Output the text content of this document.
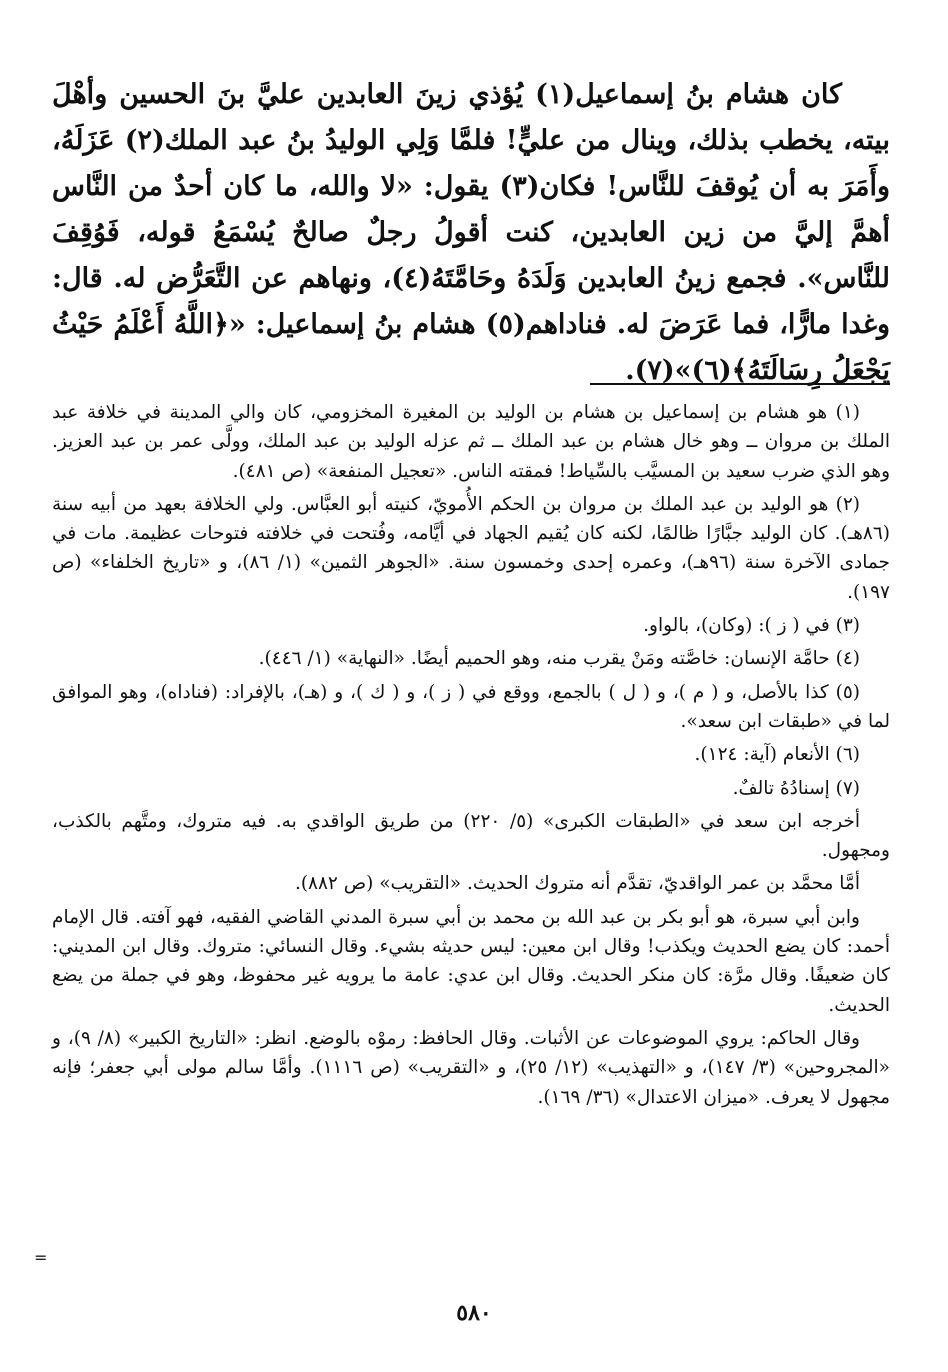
كان هشام بنُ إسماعيل(١) يُؤذي زينَ العابدين عليَّ بنَ الحسين وأهْلَ بيته، يخطب بذلك، وينال من عليٍّ! فلمَّا وَلِي الوليدُ بنُ عبد الملك(٢) عَزَلَهُ، وأَمَرَ به أن يُوقفَ للنَّاس! فكان(٣) يقول: «لا والله، ما كان أحدٌ من النَّاس أهمَّ إليَّ من زين العابدين، كنت أقولُ رجلٌ صالحٌ يُسْمَعُ قوله، فَوُقِفَ للنَّاس». فجمع زينُ العابدين وَلَدَهُ وحَامَّتَهُ(٤)، ونهاهم عن التَّعَرُّض له. قال: وغدا مارًّا، فما عَرَضَ له. فناداهم(٥) هشام بنُ إسماعيل: «﴿اللَّهُ أَعْلَمُ حَيْثُ يَجْعَلُ رِسَالَتَهُ﴾(٦)»(٧).

(١) هو هشام بن إسماعيل بن هشام بن الوليد بن المغيرة المخزومي، كان والي المدينة في خلافة عبد الملك بن مروان ــ وهو خال هشام بن عبد الملك ــ ثم عزله الوليد بن عبد الملك، وولَّى عمر بن عبد العزيز. وهو الذي ضرب سعيد بن المسيَّب بالسِّياط! فمقته الناس. «تعجيل المنفعة» (ص ٤٨١).

(٢) هو الوليد بن عبد الملك بن مروان بن الحكم الأُمويّ، كنيته أبو العبَّاس. ولي الخلافة بعهد من أبيه سنة (٨٦هـ). كان الوليد جبَّارًا ظالمًا، لكنه كان يُقيم الجهاد في أيَّامه، وفُتحت في خلافته فتوحات عظيمة. مات في جمادى الآخرة سنة (٩٦هـ)، وعمره إحدى وخمسون سنة. «الجوهر الثمين» (١/ ٨٦)، و «تاريخ الخلفاء» (ص ١٩٧).

(٣) في ( ز ): (وكان)، بالواو.

(٤) حامَّة الإنسان: خاصَّته ومَنْ يقرب منه، وهو الحميم أيضًا. «النهاية» (١/ ٤٤٦).

(٥) كذا بالأصل، و ( م )، و ( ل ) بالجمع، ووقع في ( ز )، و ( ك )، و (هـ)، بالإفراد: (فناداه)، وهو الموافق لما في «طبقات ابن سعد».

(٦) الأنعام (آية: ١٢٤).

(٧) إسنادُهُ تالفٌ.

أخرجه ابن سعد في «الطبقات الكبرى» (٥/ ٢٢٠) من طريق الواقدي به. فيه متروك، ومتَّهم بالكذب، ومجهول.

أمَّا محمَّد بن عمر الواقديّ، تقدَّم أنه متروك الحديث. «التقريب» (ص ٨٨٢).

وابن أبي سبرة، هو أبو بكر بن عبد الله بن محمد بن أبي سبرة المدني القاضي الفقيه، فهو آفته. قال الإمام أحمد: كان يضع الحديث ويكذب! وقال ابن معين: ليس حديثه بشيء. وقال النسائي: متروك. وقال ابن المديني: كان ضعيفًا. وقال مرَّة: كان منكر الحديث. وقال ابن عدي: عامة ما يرويه غير محفوظ، وهو في جملة من يضع الحديث.

وقال الحاكم: يروي الموضوعات عن الأثبات. وقال الحافظ: رموْه بالوضع. انظر: «التاريخ الكبير» (٨/ ٩)، و «المجروحين» (٣/ ١٤٧)، و «التهذيب» (١٢/ ٢٥)، و «التقريب» (ص ١١١٦). وأمَّا سالم مولى أبي جعفر؛ فإنه مجهول لا يعرف. «ميزان الاعتدال» (٣٦/ ١٦٩).

=
٥٨٠
